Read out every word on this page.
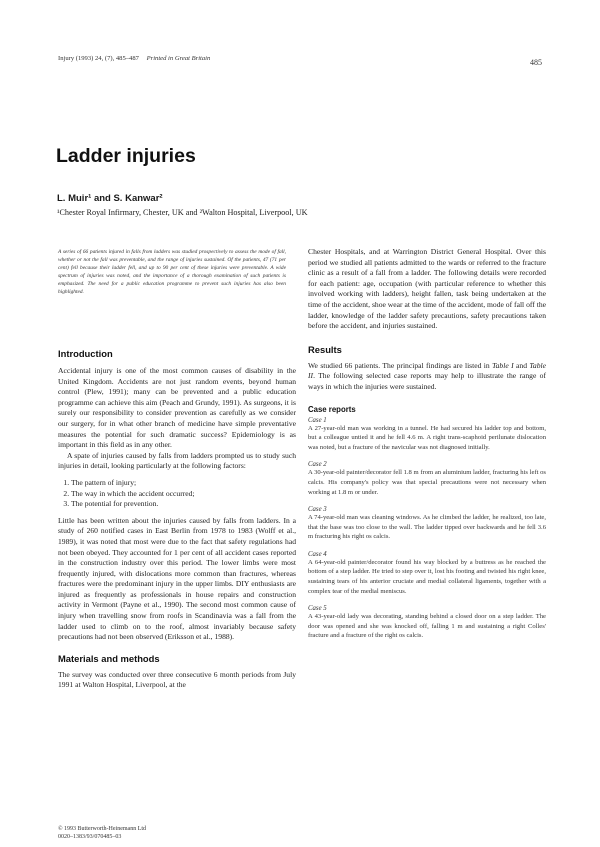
Injury (1993) 24, (7), 485–487 Printed in Great Britain	485
Ladder injuries
L. Muir¹ and S. Kanwar²
¹Chester Royal Infirmary, Chester, UK and ²Walton Hospital, Liverpool, UK

A series of 66 patients injured in falls from ladders was studied prospectively to assess the mode of fall, whether or not the fall was preventable, and the range of injuries sustained. Of the patients, 47 (71 per cent) fell because their ladder fell, and up to 90 per cent of these injuries were preventable. A wide spectrum of injuries was noted, and the importance of a thorough examination of such patients is emphasized. The need for a public education programme to prevent such injuries has also been highlighted.

Introduction

Accidental injury is one of the most common causes of disability in the United Kingdom. Accidents are not just random events, beyond human control (Plew, 1991); many can be prevented and a public education programme can achieve this aim (Peach and Grundy, 1991). As surgeons, it is surely our responsibility to consider prevention as carefully as we consider our surgery, for in what other branch of medicine have simple preventative measures the potential for such dramatic success? Epidemiology is as important in this field as in any other.

A spate of injuries caused by falls from ladders prompted us to study such injuries in detail, looking particularly at the following factors:

1. The pattern of injury;
2. The way in which the accident occurred;
3. The potential for prevention.

Little has been written about the injuries caused by falls from ladders. In a study of 260 notified cases in East Berlin from 1978 to 1983 (Wolff et al., 1989), it was noted that most were due to the fact that safety regulations had not been obeyed. They accounted for 1 per cent of all accident cases reported in the construction industry over this period. The lower limbs were most frequently injured, with dislocations more common than fractures, whereas fractures were the predominant injury in the upper limbs. DIY enthusiasts are injured as frequently as professionals in house repairs and construction activity in Vermont (Payne et al., 1990). The second most common cause of injury when travelling snow from roofs in Scandinavia was a fall from the ladder used to climb on to the roof, almost invariably because safety precautions had not been observed (Eriksson et al., 1988).

Materials and methods

The survey was conducted over three consecutive 6 month periods from July 1991 at Walton Hospital, Liverpool, at the

© 1993 Butterworth-Heinemann Ltd
0020–1383/93/070485–03

Chester Hospitals, and at Warrington District General Hospital. Over this period we studied all patients admitted to the wards or referred to the fracture clinic as a result of a fall from a ladder. The following details were recorded for each patient: age, occupation (with particular reference to whether this involved working with ladders), height fallen, task being undertaken at the time of the accident, shoe wear at the time of the accident, mode of fall off the ladder, knowledge of the ladder safety precautions, safety precautions taken before the accident, and injuries sustained.

Results

We studied 66 patients. The principal findings are listed in Table I and Table II. The following selected case reports may help to illustrate the range of ways in which the injuries were sustained.

Case reports

Case 1

A 27-year-old man was working in a tunnel. He had secured his ladder top and bottom, but a colleague untied it and he fell 4.6 m. A right trans-scaphoid perilunate dislocation was noted, but a fracture of the navicular was not diagnosed initially.

Case 2

A 30-year-old painter/decorator fell 1.8 m from an aluminium ladder, fracturing his left os calcis. His company's policy was that special precautions were not necessary when working at 1.8 m or under.

Case 3

A 74-year-old man was cleaning windows. As he climbed the ladder, he realized, too late, that the base was too close to the wall. The ladder tipped over backwards and he fell 3.6 m fracturing his right os calcis.

Case 4

A 64-year-old painter/decorator found his way blocked by a buttress as he reached the bottom of a step ladder. He tried to step over it, lost his footing and twisted his right knee, sustaining tears of his anterior cruciate and medial collateral ligaments, together with a complex tear of the medial meniscus.

Case 5

A 43-year-old lady was decorating, standing behind a closed door on a step ladder. The door was opened and she was knocked off, falling 1 m and sustaining a right Colles' fracture and a fracture of the right os calcis.
